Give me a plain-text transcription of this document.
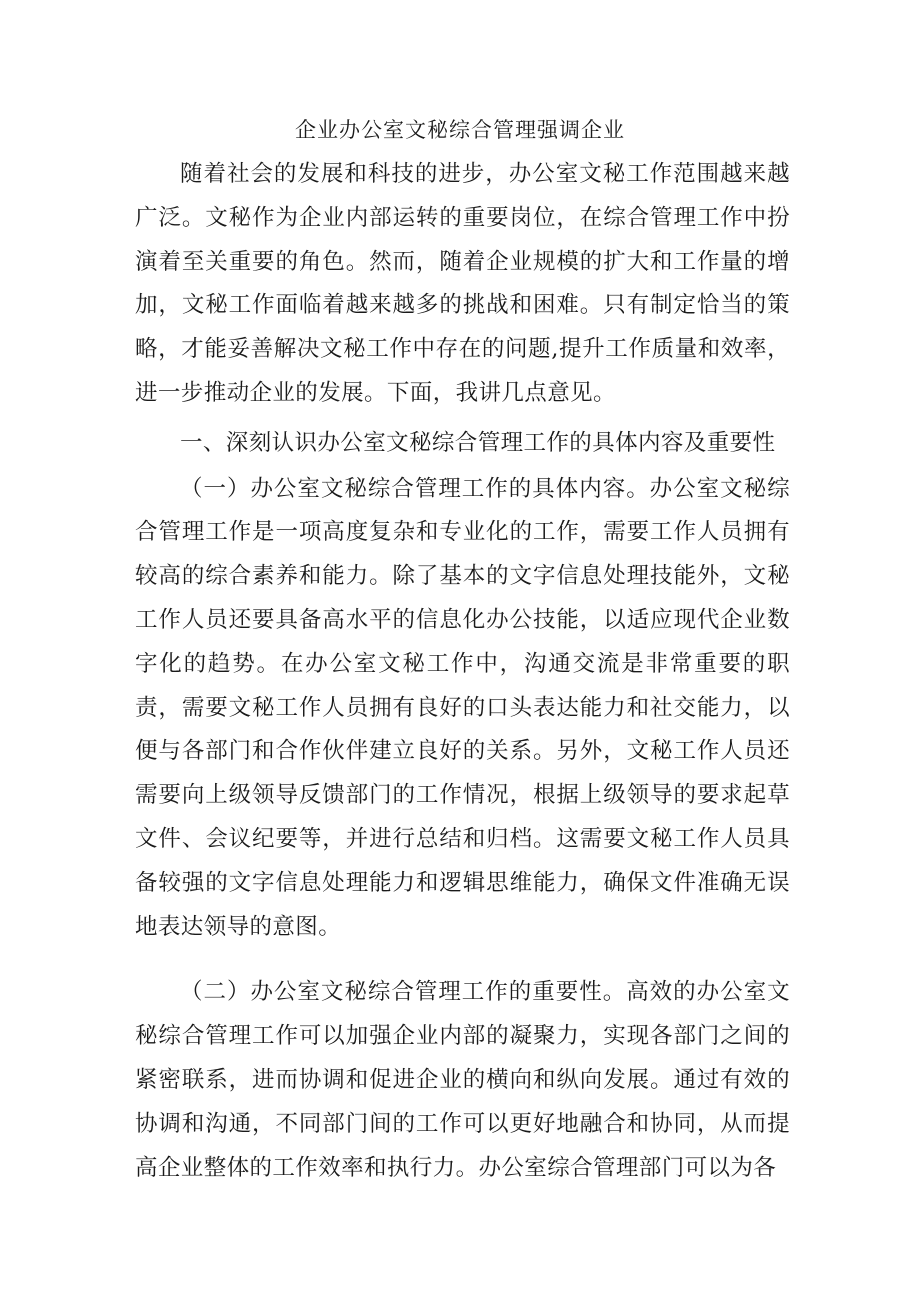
企业办公室文秘综合管理强调企业

随着社会的发展和科技的进步，办公室文秘工作范围越来越广泛。文秘作为企业内部运转的重要岗位，在综合管理工作中扮演着至关重要的角色。然而，随着企业规模的扩大和工作量的增加，文秘工作面临着越来越多的挑战和困难。只有制定恰当的策略，才能妥善解决文秘工作中存在的问题,提升工作质量和效率，进一步推动企业的发展。下面，我讲几点意见。

一、深刻认识办公室文秘综合管理工作的具体内容及重要性

（一）办公室文秘综合管理工作的具体内容。办公室文秘综合管理工作是一项高度复杂和专业化的工作，需要工作人员拥有较高的综合素养和能力。除了基本的文字信息处理技能外，文秘工作人员还要具备高水平的信息化办公技能，以适应现代企业数字化的趋势。在办公室文秘工作中，沟通交流是非常重要的职责，需要文秘工作人员拥有良好的口头表达能力和社交能力，以便与各部门和合作伙伴建立良好的关系。另外，文秘工作人员还需要向上级领导反馈部门的工作情况，根据上级领导的要求起草文件、会议纪要等，并进行总结和归档。这需要文秘工作人员具备较强的文字信息处理能力和逻辑思维能力，确保文件准确无误地表达领导的意图。

（二）办公室文秘综合管理工作的重要性。高效的办公室文秘综合管理工作可以加强企业内部的凝聚力，实现各部门之间的紧密联系，进而协调和促进企业的横向和纵向发展。通过有效的协调和沟通，不同部门间的工作可以更好地融合和协同，从而提高企业整体的工作效率和执行力。办公室综合管理部门可以为各
